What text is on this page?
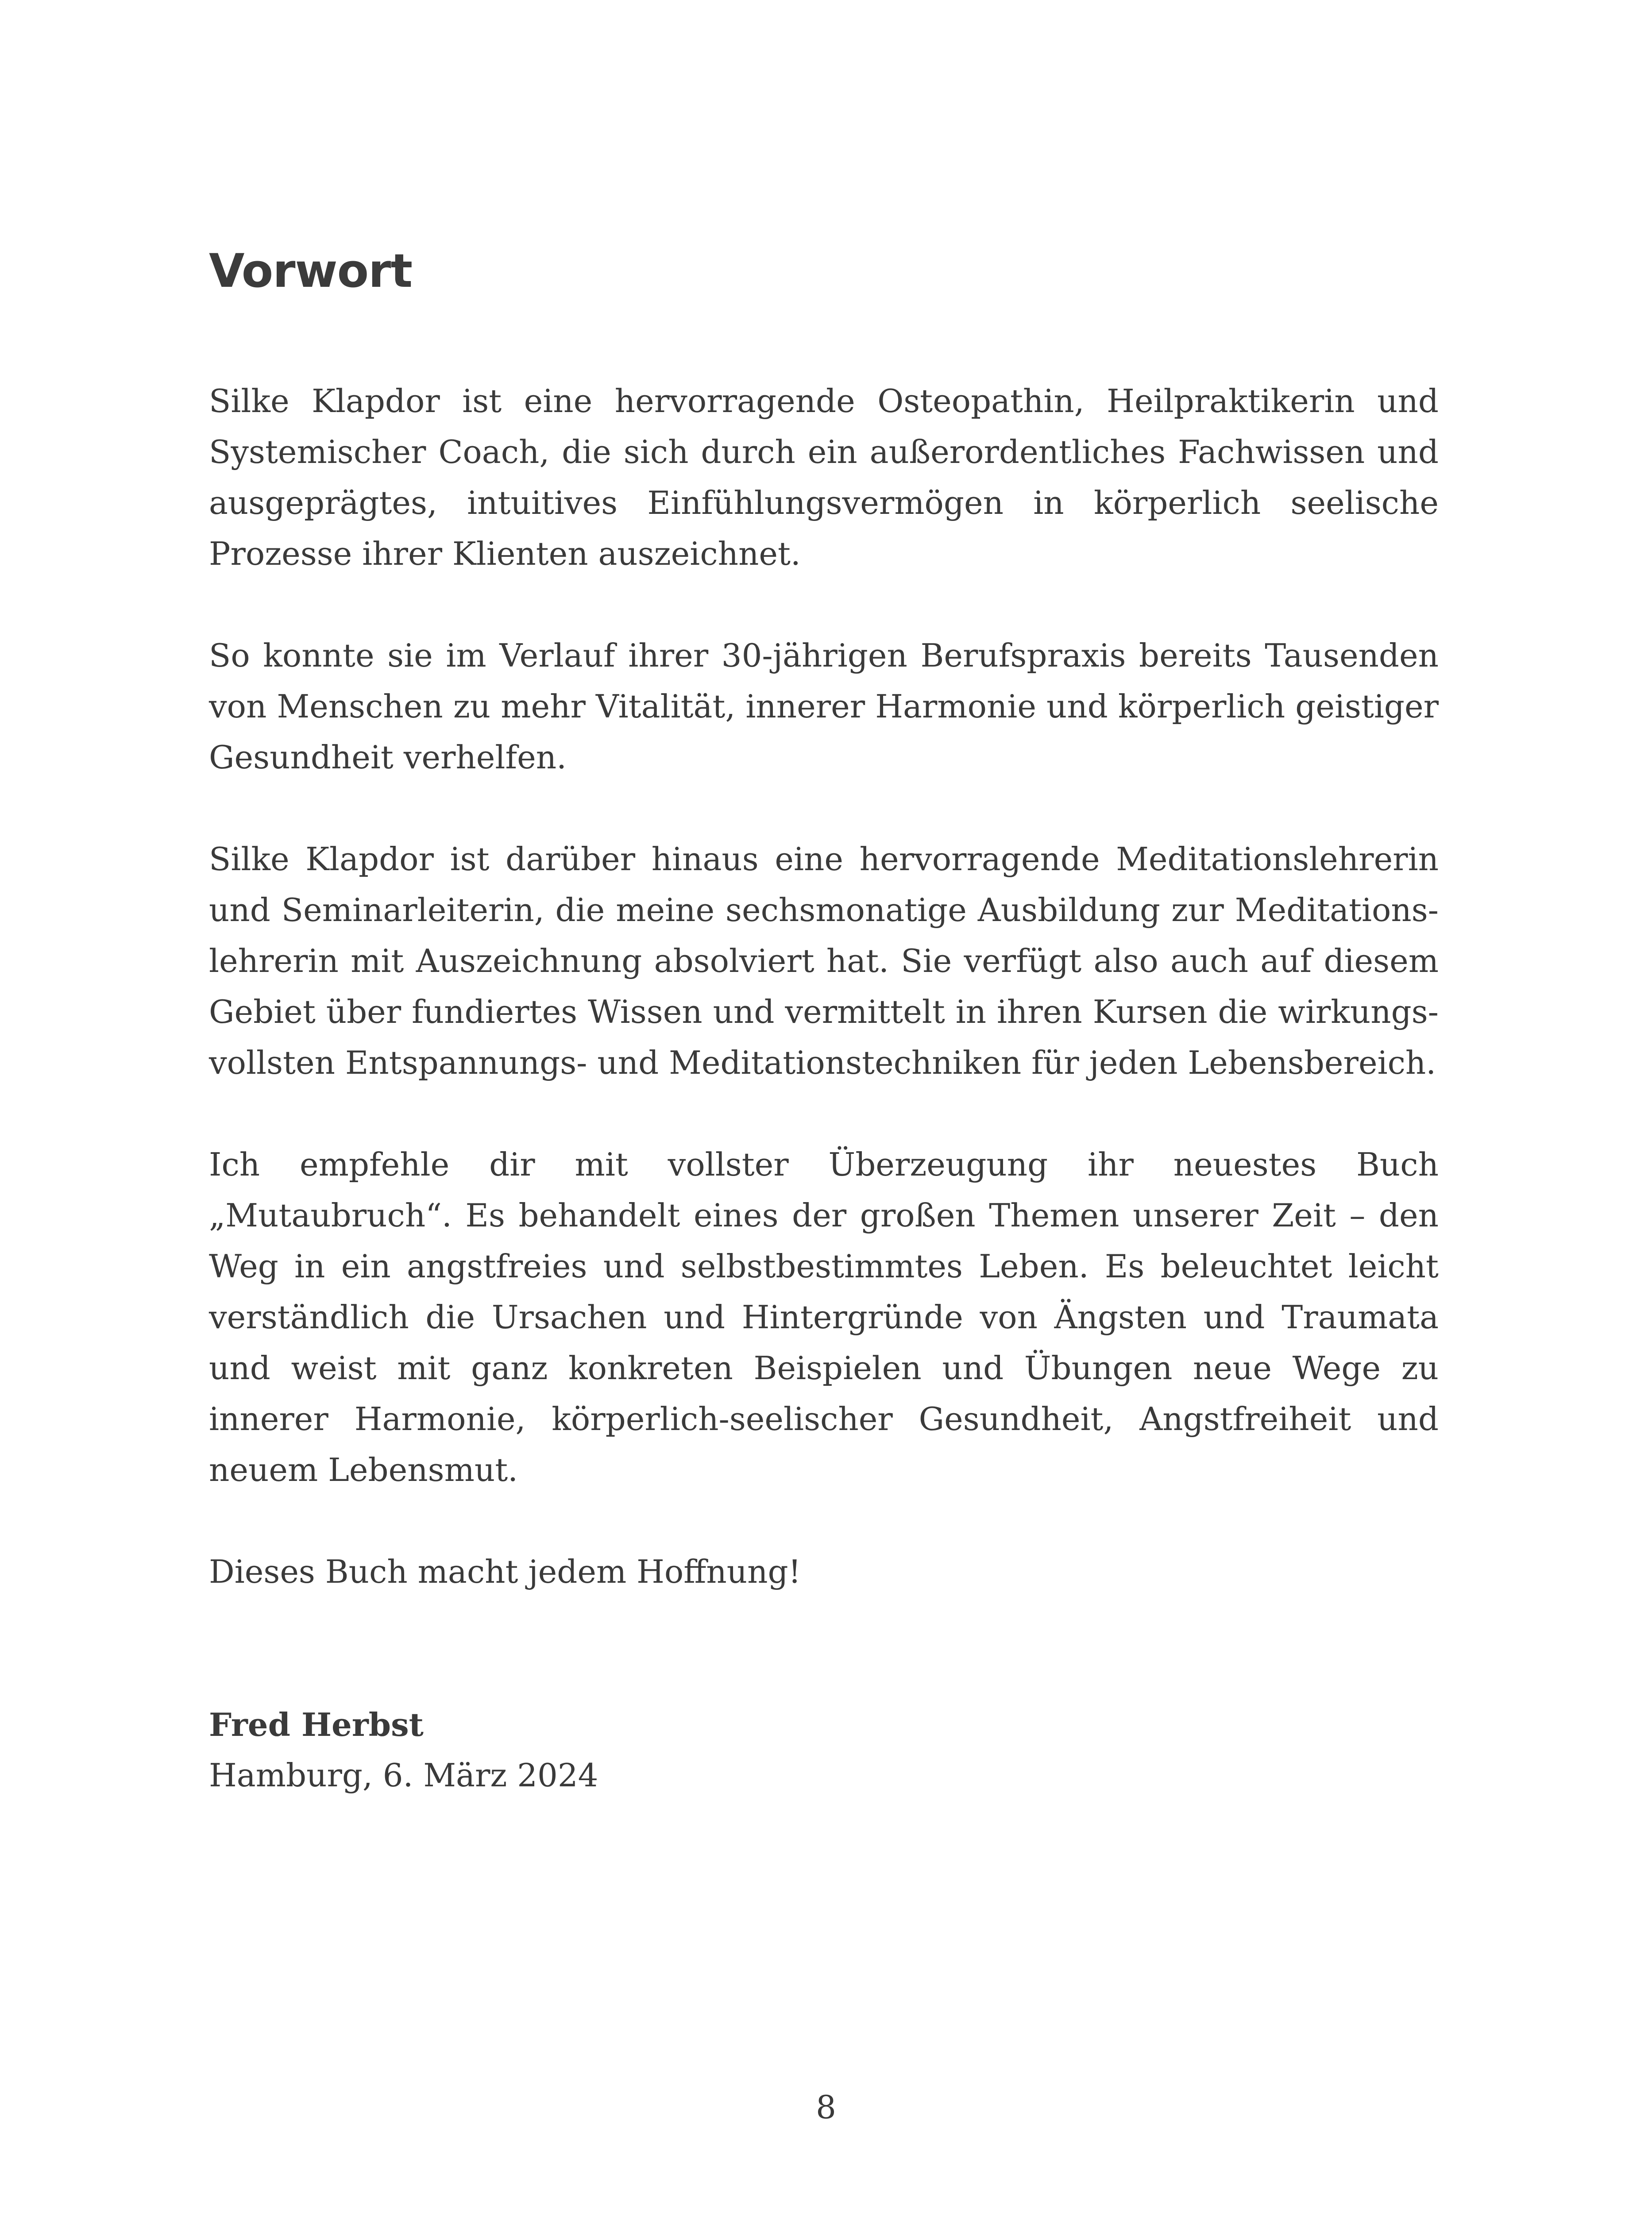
Vorwort

Silke Klapdor ist eine hervorragende Osteopathin, Heilpraktikerin und Systemischer Coach, die sich durch ein außerordentliches Fachwissen und ausgeprägtes, intuitives Einfühlungsvermögen in körperlich seelische Prozesse ihrer Klienten auszeichnet.

So konnte sie im Verlauf ihrer 30-jährigen Berufspraxis bereits Tausenden von Menschen zu mehr Vitalität, innerer Harmonie und körperlich geistiger Gesundheit verhelfen.

Silke Klapdor ist darüber hinaus eine hervorragende Meditationslehrerin und Seminarleiterin, die meine sechsmonatige Ausbildung zur Meditationslehrerin mit Auszeichnung absolviert hat. Sie verfügt also auch auf diesem Gebiet über fundiertes Wissen und vermittelt in ihren Kursen die wirkungsvollsten Entspannungs- und Meditationstechniken für jeden Lebensbereich.

Ich empfehle dir mit vollster Überzeugung ihr neuestes Buch „Mutaubruch“. Es behandelt eines der großen Themen unserer Zeit – den Weg in ein angstfreies und selbstbestimmtes Leben. Es beleuchtet leicht verständlich die Ursachen und Hintergründe von Ängsten und Traumata und weist mit ganz konkreten Beispielen und Übungen neue Wege zu innerer Harmonie, körperlich-seelischer Gesundheit, Angstfreiheit und neuem Lebensmut.

Dieses Buch macht jedem Hoffnung!

Fred Herbst
Hamburg, 6. März 2024
8
